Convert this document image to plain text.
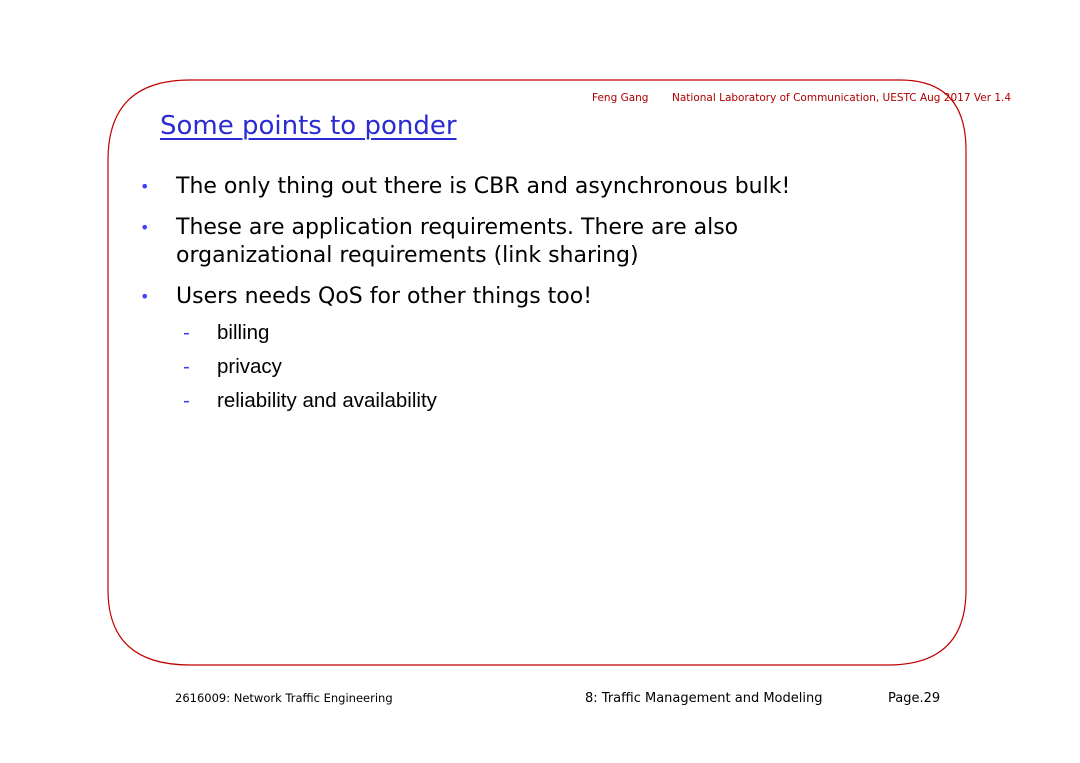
Feng Gang National Laboratory of Communication, UESTC Aug 2017 Ver 1.4
Some points to ponder
• The only thing out there is CBR and asynchronous bulk!
• These are application requirements. There are also
organizational requirements (link sharing)
• Users needs QoS for other things too!
- billing
- privacy
- reliability and availability
2616009: Network Traffic Engineering	8: Traffic Management and Modeling	Page.29
